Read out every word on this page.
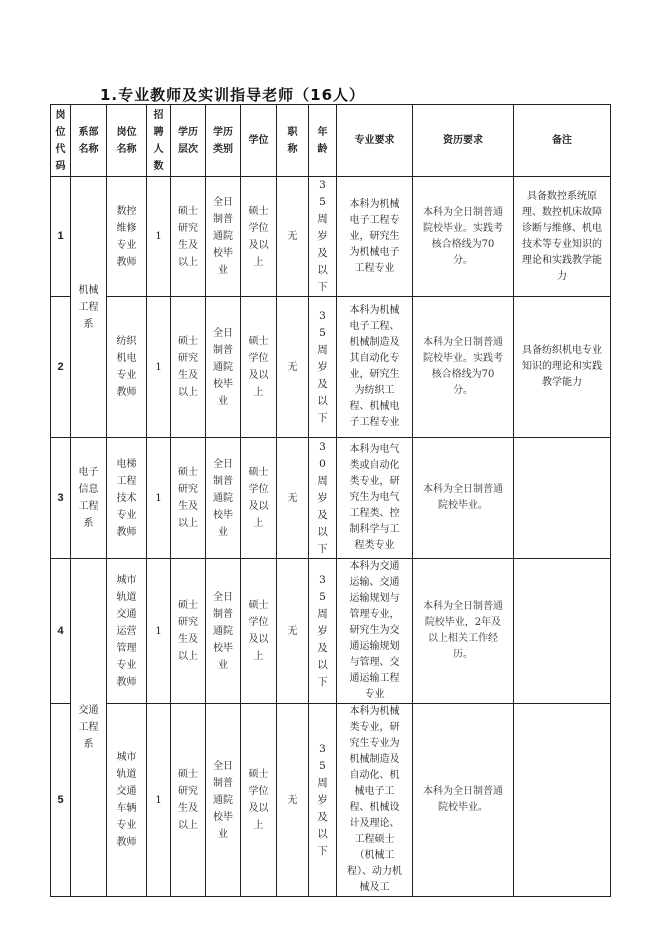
1.专业教师及实训指导老师（16人）
岗位代码	系部名称	岗位名称	招聘人数	学历层次	学历类别	学位	职称	年龄	专业要求	资历要求	备注
1	机械工程系	数控维修专业教师	1	硕士研究生及以上	全日制普通院校毕业	硕士学位及以上	无	35周岁及以下	本科为机械电子工程专业，研究生为机械电子工程专业	本科为全日制普通院校毕业。实践考核合格线为70分。	具备数控系统原理、数控机床故障诊断与维修、机电技术等专业知识的理论和实践教学能力
2		纺织机电专业教师	1	硕士研究生及以上	全日制普通院校毕业	硕士学位及以上	无	35周岁及以下	本科为机械电子工程、机械制造及其自动化专业，研究生为纺织工程、机械电子工程专业	本科为全日制普通院校毕业。实践考核合格线为70分。	具备纺织机电专业知识的理论和实践教学能力
3	电子信息工程系	电梯工程技术专业教师	1	硕士研究生及以上	全日制普通院校毕业	硕士学位及以上	无	30周岁及以下	本科为电气类或自动化类专业，研究生为电气工程类、控制科学与工程类专业	本科为全日制普通院校毕业。	
4	交通工程系	城市轨道交通运营管理专业教师	1	硕士研究生及以上	全日制普通院校毕业	硕士学位及以上	无	35周岁及以下	本科为交通运输、交通运输规划与管理专业，研究生为交通运输规划与管理、交通运输工程专业	本科为全日制普通院校毕业，2年及以上相关工作经历。	
5		城市轨道交通车辆专业教师	1	硕士研究生及以上	全日制普通院校毕业	硕士学位及以上	无	35周岁及以下	本科为机械类专业，研究生专业为机械制造及自动化、机械电子工程、机械设计及理论、工程硕士（机械工程）、动力机械及工	本科为全日制普通院校毕业。	
